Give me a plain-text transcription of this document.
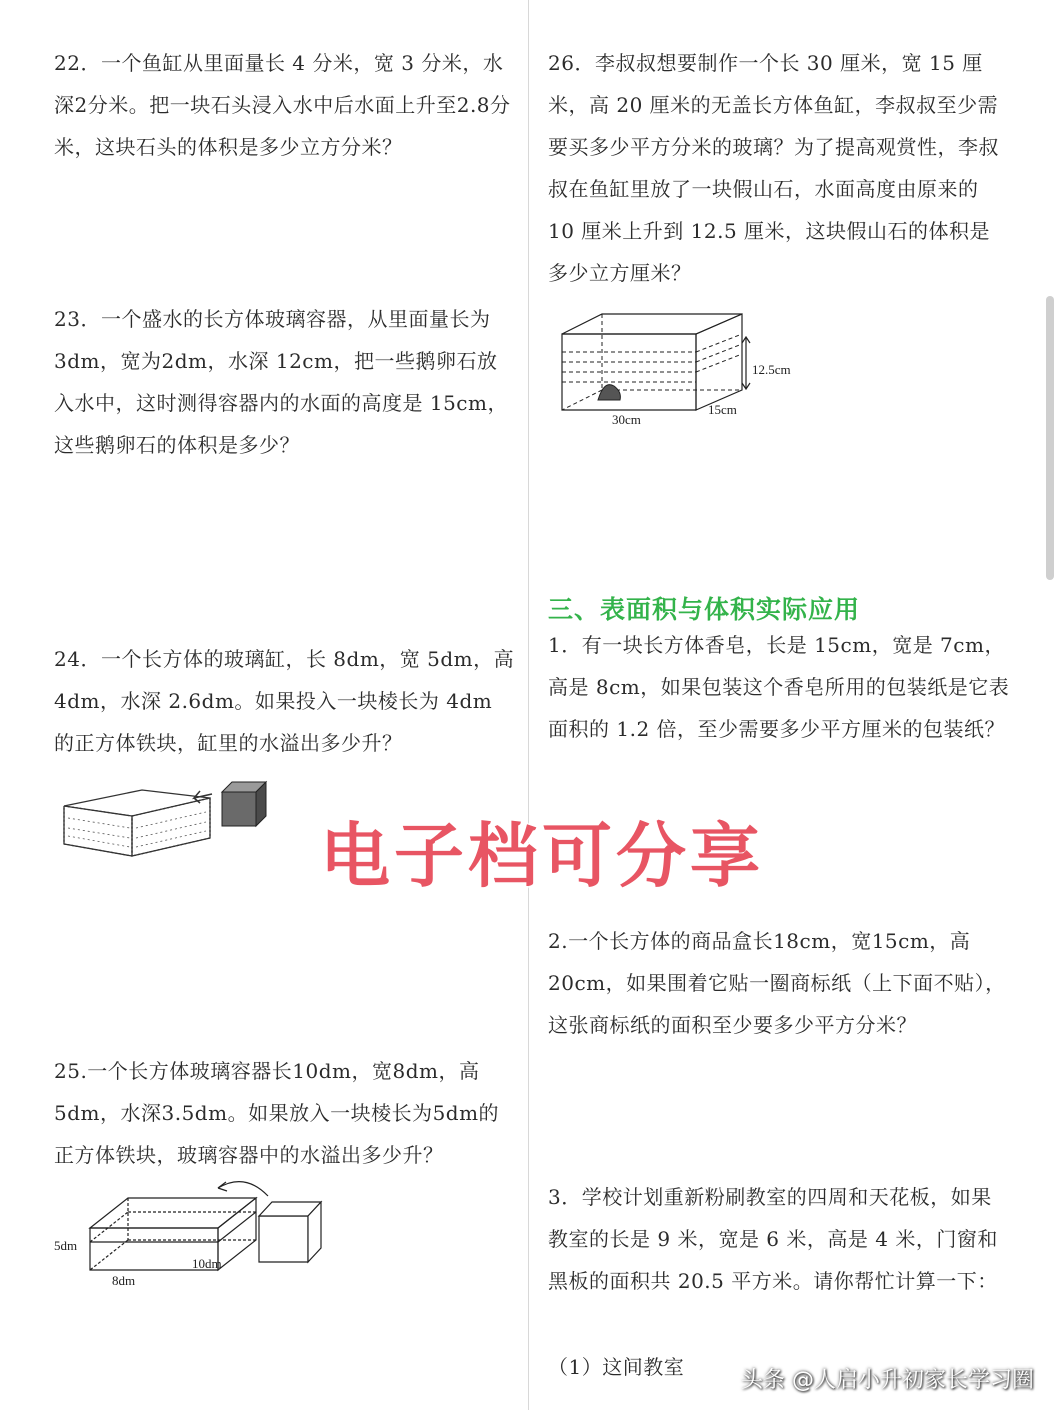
22．一个鱼缸从里面量长 4 分米，宽 3 分米，水深2分米。把一块石头浸入水中后水面上升至2.8分米，这块石头的体积是多少立方分米？
23．一个盛水的长方体玻璃容器，从里面量长为3dm，宽为2dm，水深 12cm，把一些鹅卵石放入水中，这时测得容器内的水面的高度是 15cm，这些鹅卵石的体积是多少？
24．一个长方体的玻璃缸，长 8dm，宽 5dm，高4dm，水深 2.6dm。如果投入一块棱长为 4dm 的正方体铁块，缸里的水溢出多少升？
25.一个长方体玻璃容器长10dm，宽8dm，高5dm，水深3.5dm。如果放入一块棱长为5dm的正方体铁块，玻璃容器中的水溢出多少升？
5dm
8dm
10dm
26．李叔叔想要制作一个长 30 厘米，宽 15 厘米，高 20 厘米的无盖长方体鱼缸，李叔叔至少需要买多少平方分米的玻璃？为了提高观赏性，李叔叔在鱼缸里放了一块假山石，水面高度由原来的 10 厘米上升到 12.5 厘米，这块假山石的体积是多少立方厘米？
12.5cm
30cm
15cm
三、表面积与体积实际应用
1．有一块长方体香皂，长是 15cm，宽是 7cm，高是 8cm，如果包装这个香皂所用的包装纸是它表面积的 1.2 倍，至少需要多少平方厘米的包装纸？
2.一个长方体的商品盒长18cm，宽15cm，高20cm，如果围着它贴一圈商标纸（上下面不贴），这张商标纸的面积至少要多少平方分米？
3．学校计划重新粉刷教室的四周和天花板，如果教室的长是 9 米，宽是 6 米，高是 4 米，门窗和黑板的面积共 20.5 平方米。请你帮忙计算一下：
（1）这间教室
电子档可分享
头条 @人启小升初家长学习圈
